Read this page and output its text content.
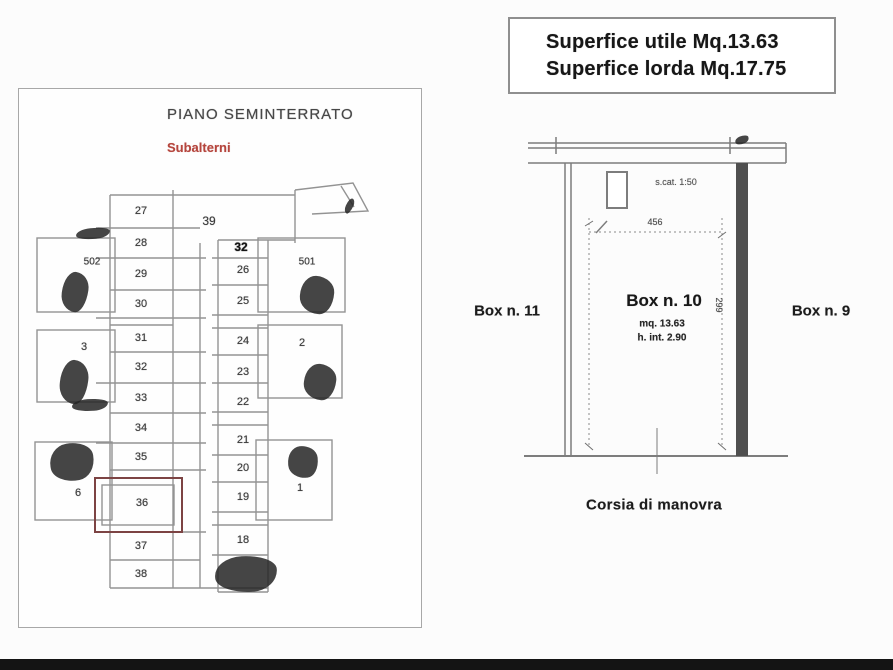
Superfice utile Mq.13.63
Superfice lorda Mq.17.75
PIANO SEMINTERRATO
Subalterni
27
28
29
30
31
32
33
34
35
36
37
38
26
25
24
23
22
21
20
19
18
39
32
502
3
6
501
2
1
s.cat. 1:50
456
299
Box n. 10
mq. 13.63
h. int. 2.90
Box n. 11	Box n. 9
Corsia di manovra
